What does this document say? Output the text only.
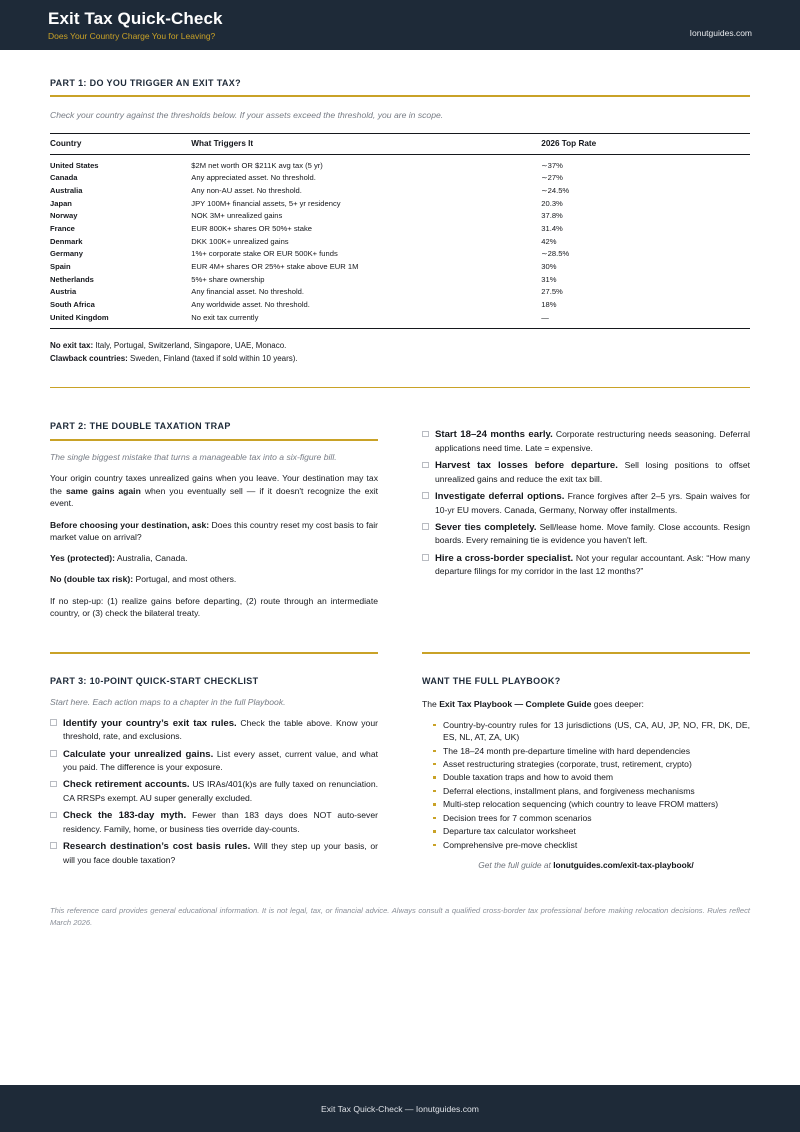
Exit Tax Quick-Check
Does Your Country Charge You for Leaving?	Ionutguides.com
PART 1: DO YOU TRIGGER AN EXIT TAX?

Check your country against the thresholds below. If your assets exceed the threshold, you are in scope.

Country	What Triggers It	2026 Top Rate
United States	$2M net worth OR $211K avg tax (5 yr)	∼37%
Canada	Any appreciated asset. No threshold.	∼27%
Australia	Any non-AU asset. No threshold.	∼24.5%
Japan	JPY 100M+ financial assets, 5+ yr residency	20.3%
Norway	NOK 3M+ unrealized gains	37.8%
France	EUR 800K+ shares OR 50%+ stake	31.4%
Denmark	DKK 100K+ unrealized gains	42%
Germany	1%+ corporate stake OR EUR 500K+ funds	∼28.5%
Spain	EUR 4M+ shares OR 25%+ stake above EUR 1M	30%
Netherlands	5%+ share ownership	31%
Austria	Any financial asset. No threshold.	27.5%
South Africa	Any worldwide asset. No threshold.	18%
United Kingdom	No exit tax currently	—
No exit tax: Italy, Portugal, Switzerland, Singapore, UAE, Monaco.
Clawback countries: Sweden, Finland (taxed if sold within 10 years).
PART 2: THE DOUBLE TAXATION TRAP

The single biggest mistake that turns a manageable tax into a six-figure bill.

Your origin country taxes unrealized gains when you leave. Your destination may tax the same gains again when you eventually sell — if it doesn't recognize the exit event.

Before choosing your destination, ask: Does this country reset my cost basis to fair market value on arrival?

Yes (protected): Australia, Canada.

No (double tax risk): Portugal, and most others.

If no step-up: (1) realize gains before departing, (2) route through an intermediate country, or (3) check the bilateral treaty.

Start 18–24 months early. Corporate restructuring needs seasoning. Deferral applications need time. Late = expensive.
Harvest tax losses before departure. Sell losing positions to offset unrealized gains and reduce the exit tax bill.
Investigate deferral options. France forgives after 2–5 yrs. Spain waives for 10-yr EU movers. Canada, Germany, Norway offer installments.
Sever ties completely. Sell/lease home. Move family. Close accounts. Resign boards. Every remaining tie is evidence you haven't left.
Hire a cross-border specialist. Not your regular accountant. Ask: “How many departure filings for my corridor in the last 12 months?”
PART 3: 10-POINT QUICK-START CHECKLIST

Start here. Each action maps to a chapter in the full Playbook.

Identify your country’s exit tax rules. Check the table above. Know your threshold, rate, and exclusions.
Calculate your unrealized gains. List every asset, current value, and what you paid. The difference is your exposure.
Check retirement accounts. US IRAs/401(k)s are fully taxed on renunciation. CA RRSPs exempt. AU super generally excluded.
Check the 183-day myth. Fewer than 183 days does NOT auto-sever residency. Family, home, or business ties override day-counts.
Research destination’s cost basis rules. Will they step up your basis, or will you face double taxation?
WANT THE FULL PLAYBOOK?

The Exit Tax Playbook — Complete Guide goes deeper:

Country-by-country rules for 13 jurisdictions (US, CA, AU, JP, NO, FR, DK, DE, ES, NL, AT, ZA, UK)
The 18–24 month pre-departure timeline with hard dependencies
Asset restructuring strategies (corporate, trust, retirement, crypto)
Double taxation traps and how to avoid them
Deferral elections, installment plans, and forgiveness mechanisms
Multi-step relocation sequencing (which country to leave FROM matters)
Decision trees for 7 common scenarios
Departure tax calculator worksheet
Comprehensive pre-move checklist

Get the full guide at Ionutguides.com/exit-tax-playbook/

This reference card provides general educational information. It is not legal, tax, or financial advice. Always consult a qualified cross-border tax professional before making relocation decisions. Rules reflect March 2026.

Exit Tax Quick-Check — Ionutguides.com
